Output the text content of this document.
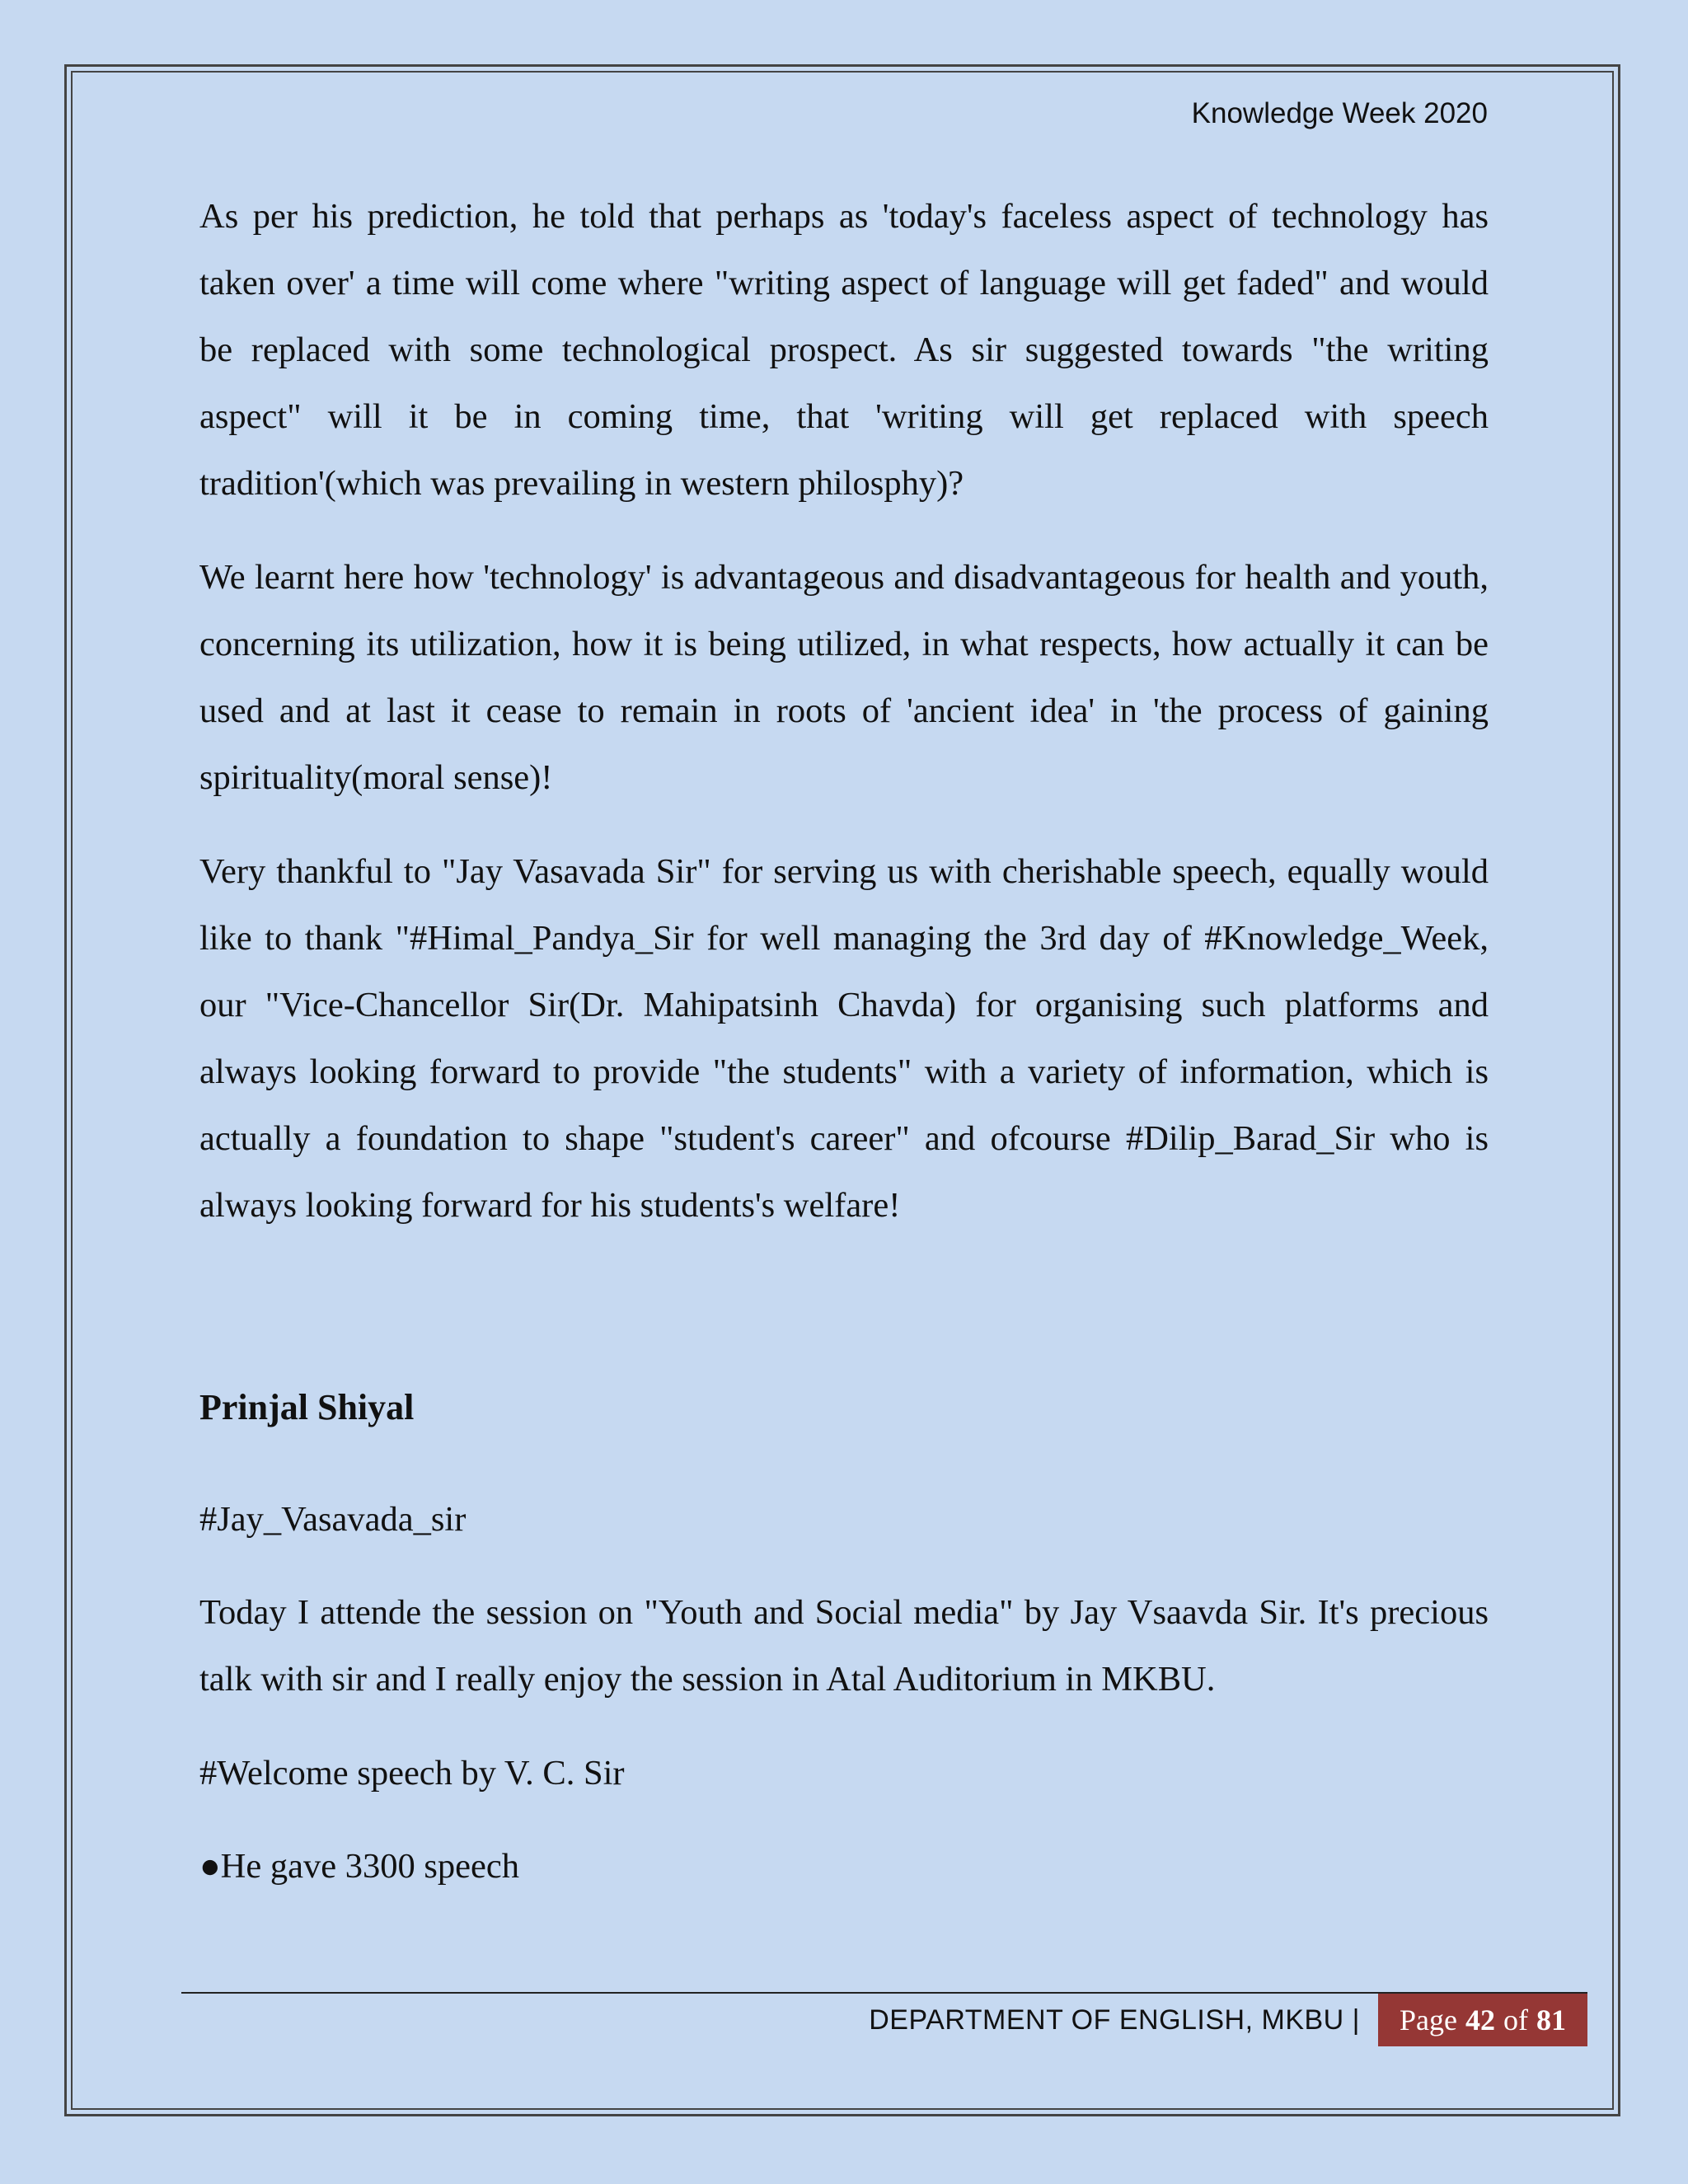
Knowledge Week 2020

As per his prediction, he told that perhaps as 'today's faceless aspect of technology has taken over' a time will come where "writing aspect of language will get faded" and would be replaced with some technological prospect. As sir suggested towards "the writing aspect" will it be in coming time, that 'writing will get replaced with speech tradition'(which was prevailing in western philosphy)?

We learnt here how 'technology' is advantageous and disadvantageous for health and youth, concerning its utilization, how it is being utilized, in what respects, how actually it can be used and at last it cease to remain in roots of 'ancient idea' in 'the process of gaining spirituality(moral sense)!

Very thankful to "Jay Vasavada Sir" for serving us with cherishable speech, equally would like to thank "#Himal_Pandya_Sir for well managing the 3rd day of #Knowledge_Week, our "Vice-Chancellor Sir(Dr. Mahipatsinh Chavda) for organising such platforms and always looking forward to provide "the students" with a variety of information, which is actually a foundation to shape "student's career" and ofcourse #Dilip_Barad_Sir who is always looking forward for his students's welfare!

Prinjal Shiyal

#Jay_Vasavada_sir

Today I attende the session on "Youth and Social media" by Jay Vsaavda Sir. It's precious talk with sir and I really enjoy the session in Atal Auditorium in MKBU.

#Welcome speech by V. C. Sir

●He gave 3300 speech

DEPARTMENT OF ENGLISH, MKBU | Page 42 of 81
